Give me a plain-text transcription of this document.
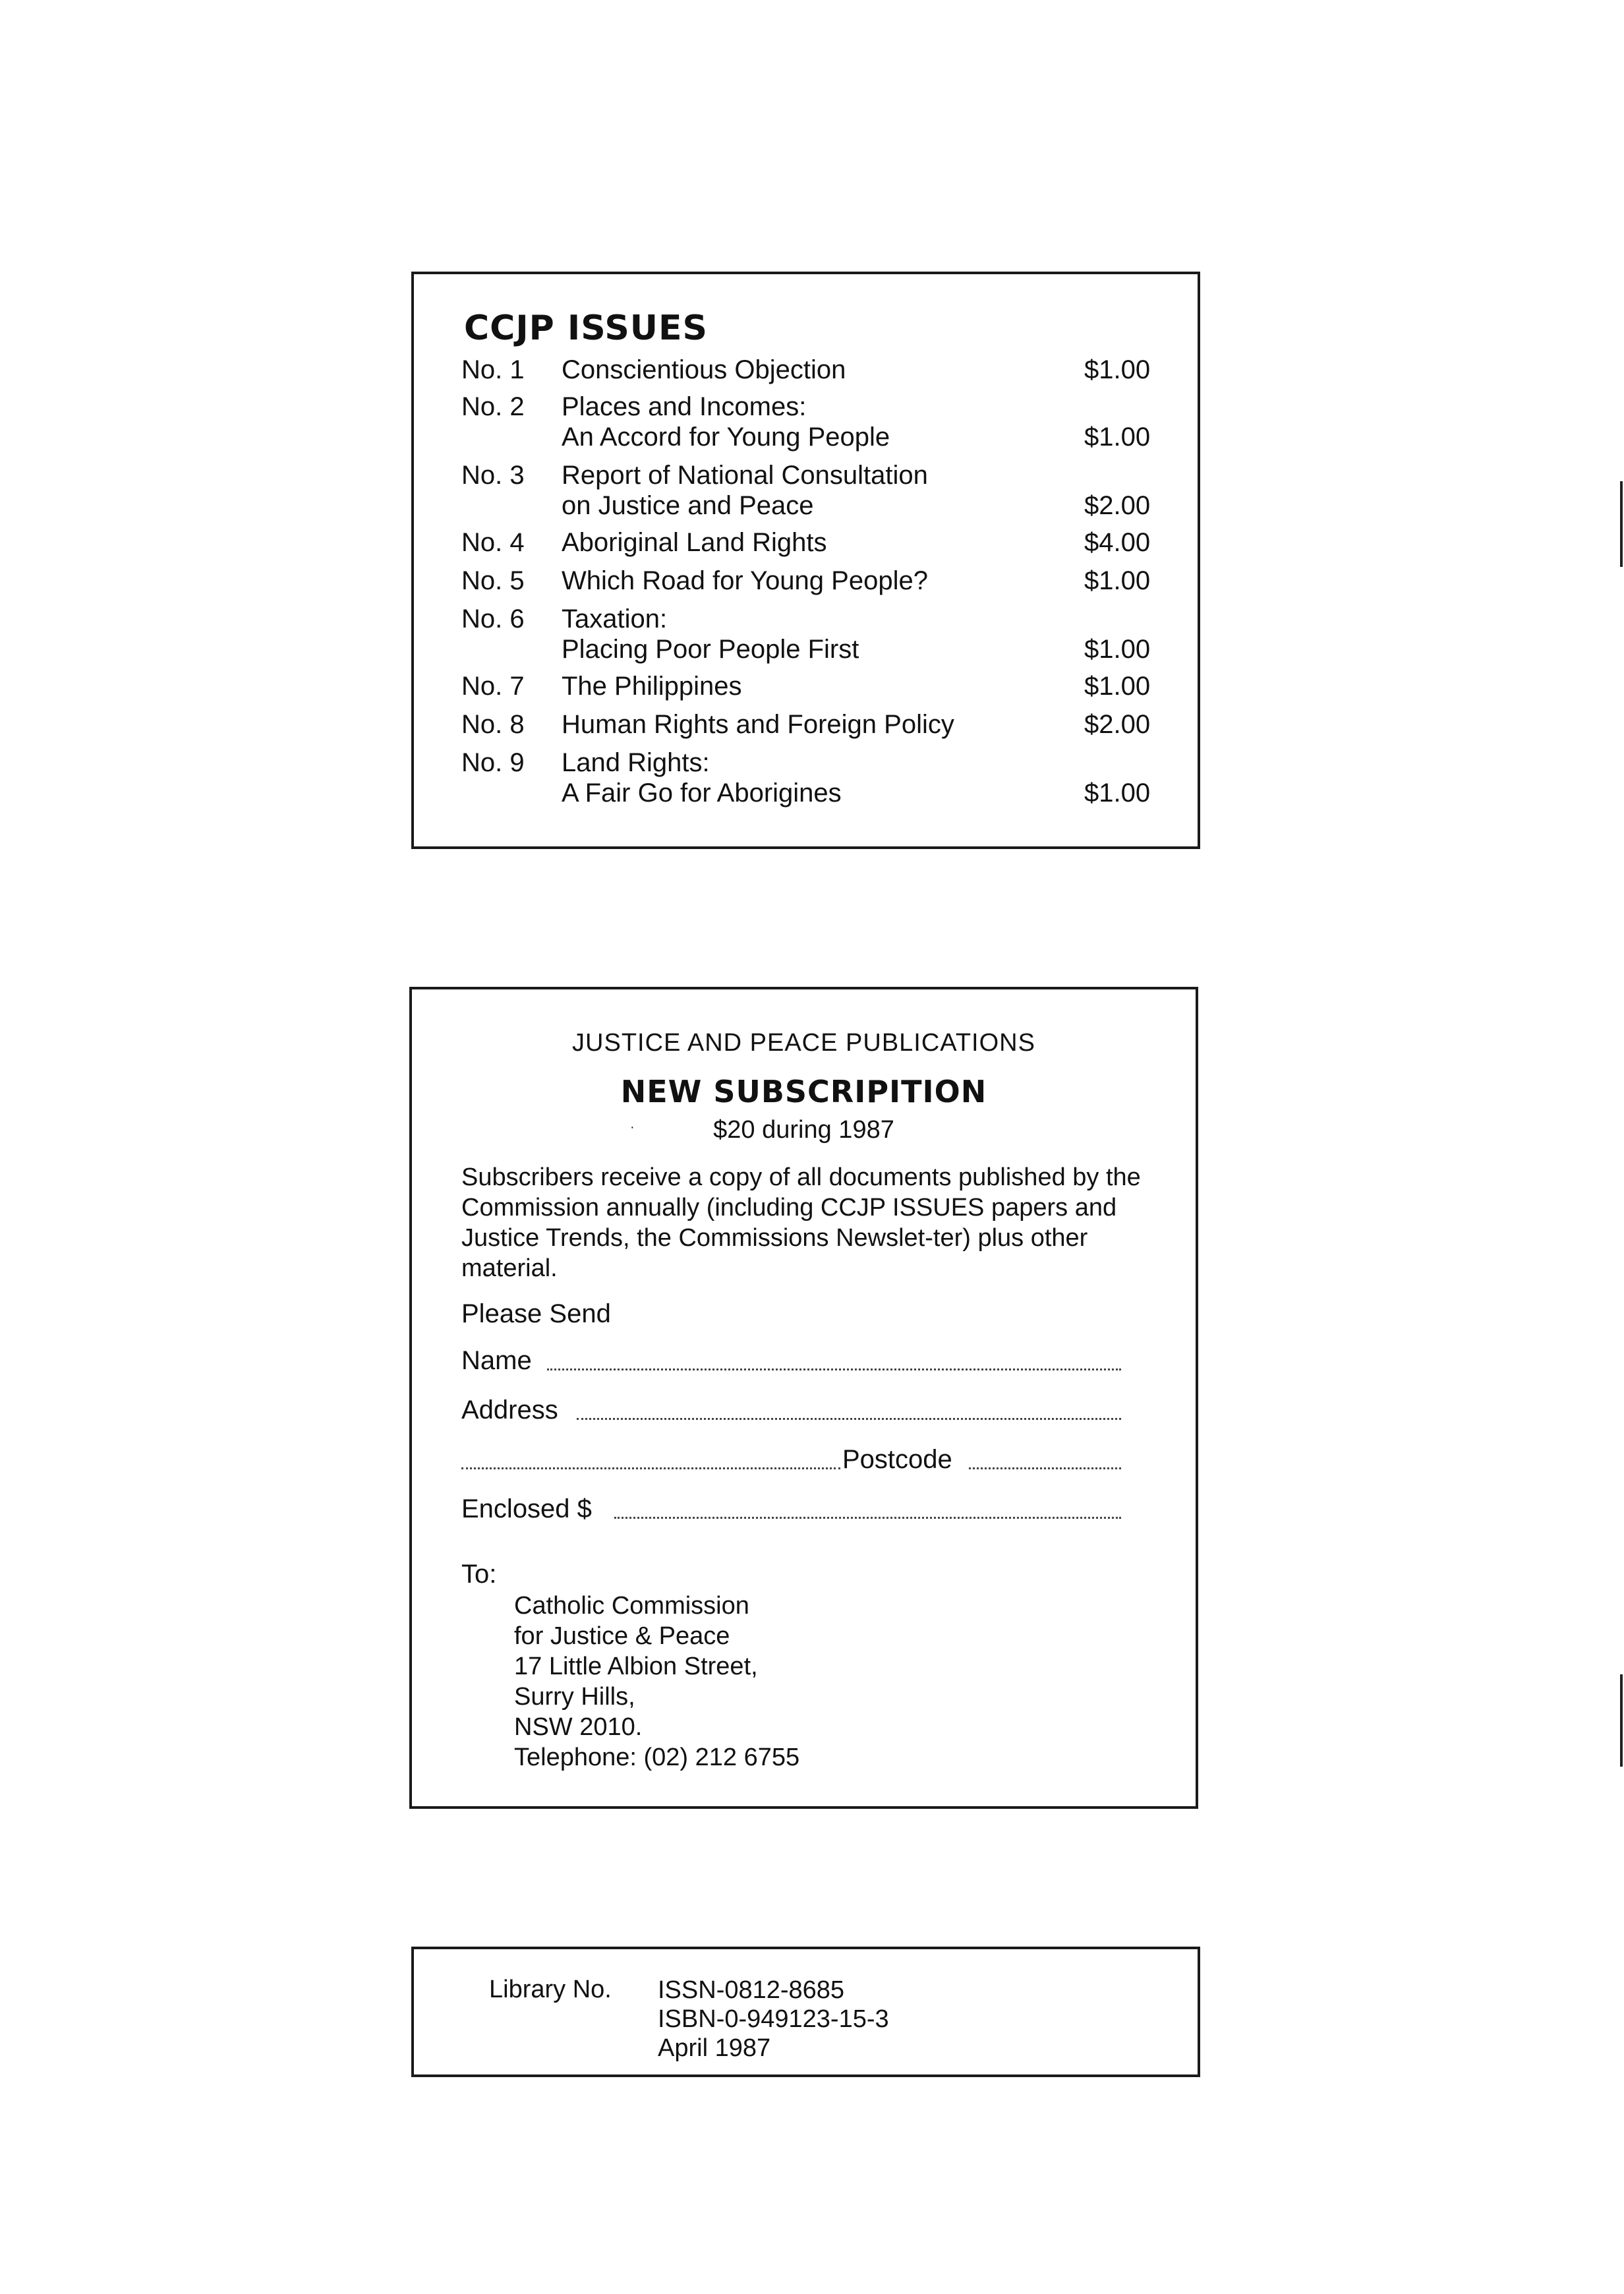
CCJP ISSUES
No. 1 Conscientious Objection	$1.00
No. 2 Places and Incomes:
An Accord for Young People	$1.00
No. 3 Report of National Consultation
on Justice and Peace	$2.00
No. 4 Aboriginal Land Rights	$4.00
No. 5 Which Road for Young People?	$1.00
No. 6 Taxation:
Placing Poor People First	$1.00
No. 7 The Philippines	$1.00
No. 8 Human Rights and Foreign Policy	$2.00
No. 9 Land Rights:
A Fair Go for Aborigines	$1.00
JUSTICE AND PEACE PUBLICATIONS
NEW SUBSCRIPITION
·	$20 during 1987

Subscribers receive a copy of all documents published by the Commission annually (including CCJP ISSUES papers and Justice Trends, the Commissions Newslet-ter) plus other material.

Please Send
Name
Address
Postcode
Enclosed $
To:
Catholic Commission
for Justice & Peace
17 Little Albion Street,
Surry Hills,
NSW 2010.
Telephone: (02) 212 6755
Library No. ISSN-0812-8685
ISBN-0-949123-15-3
April 1987
